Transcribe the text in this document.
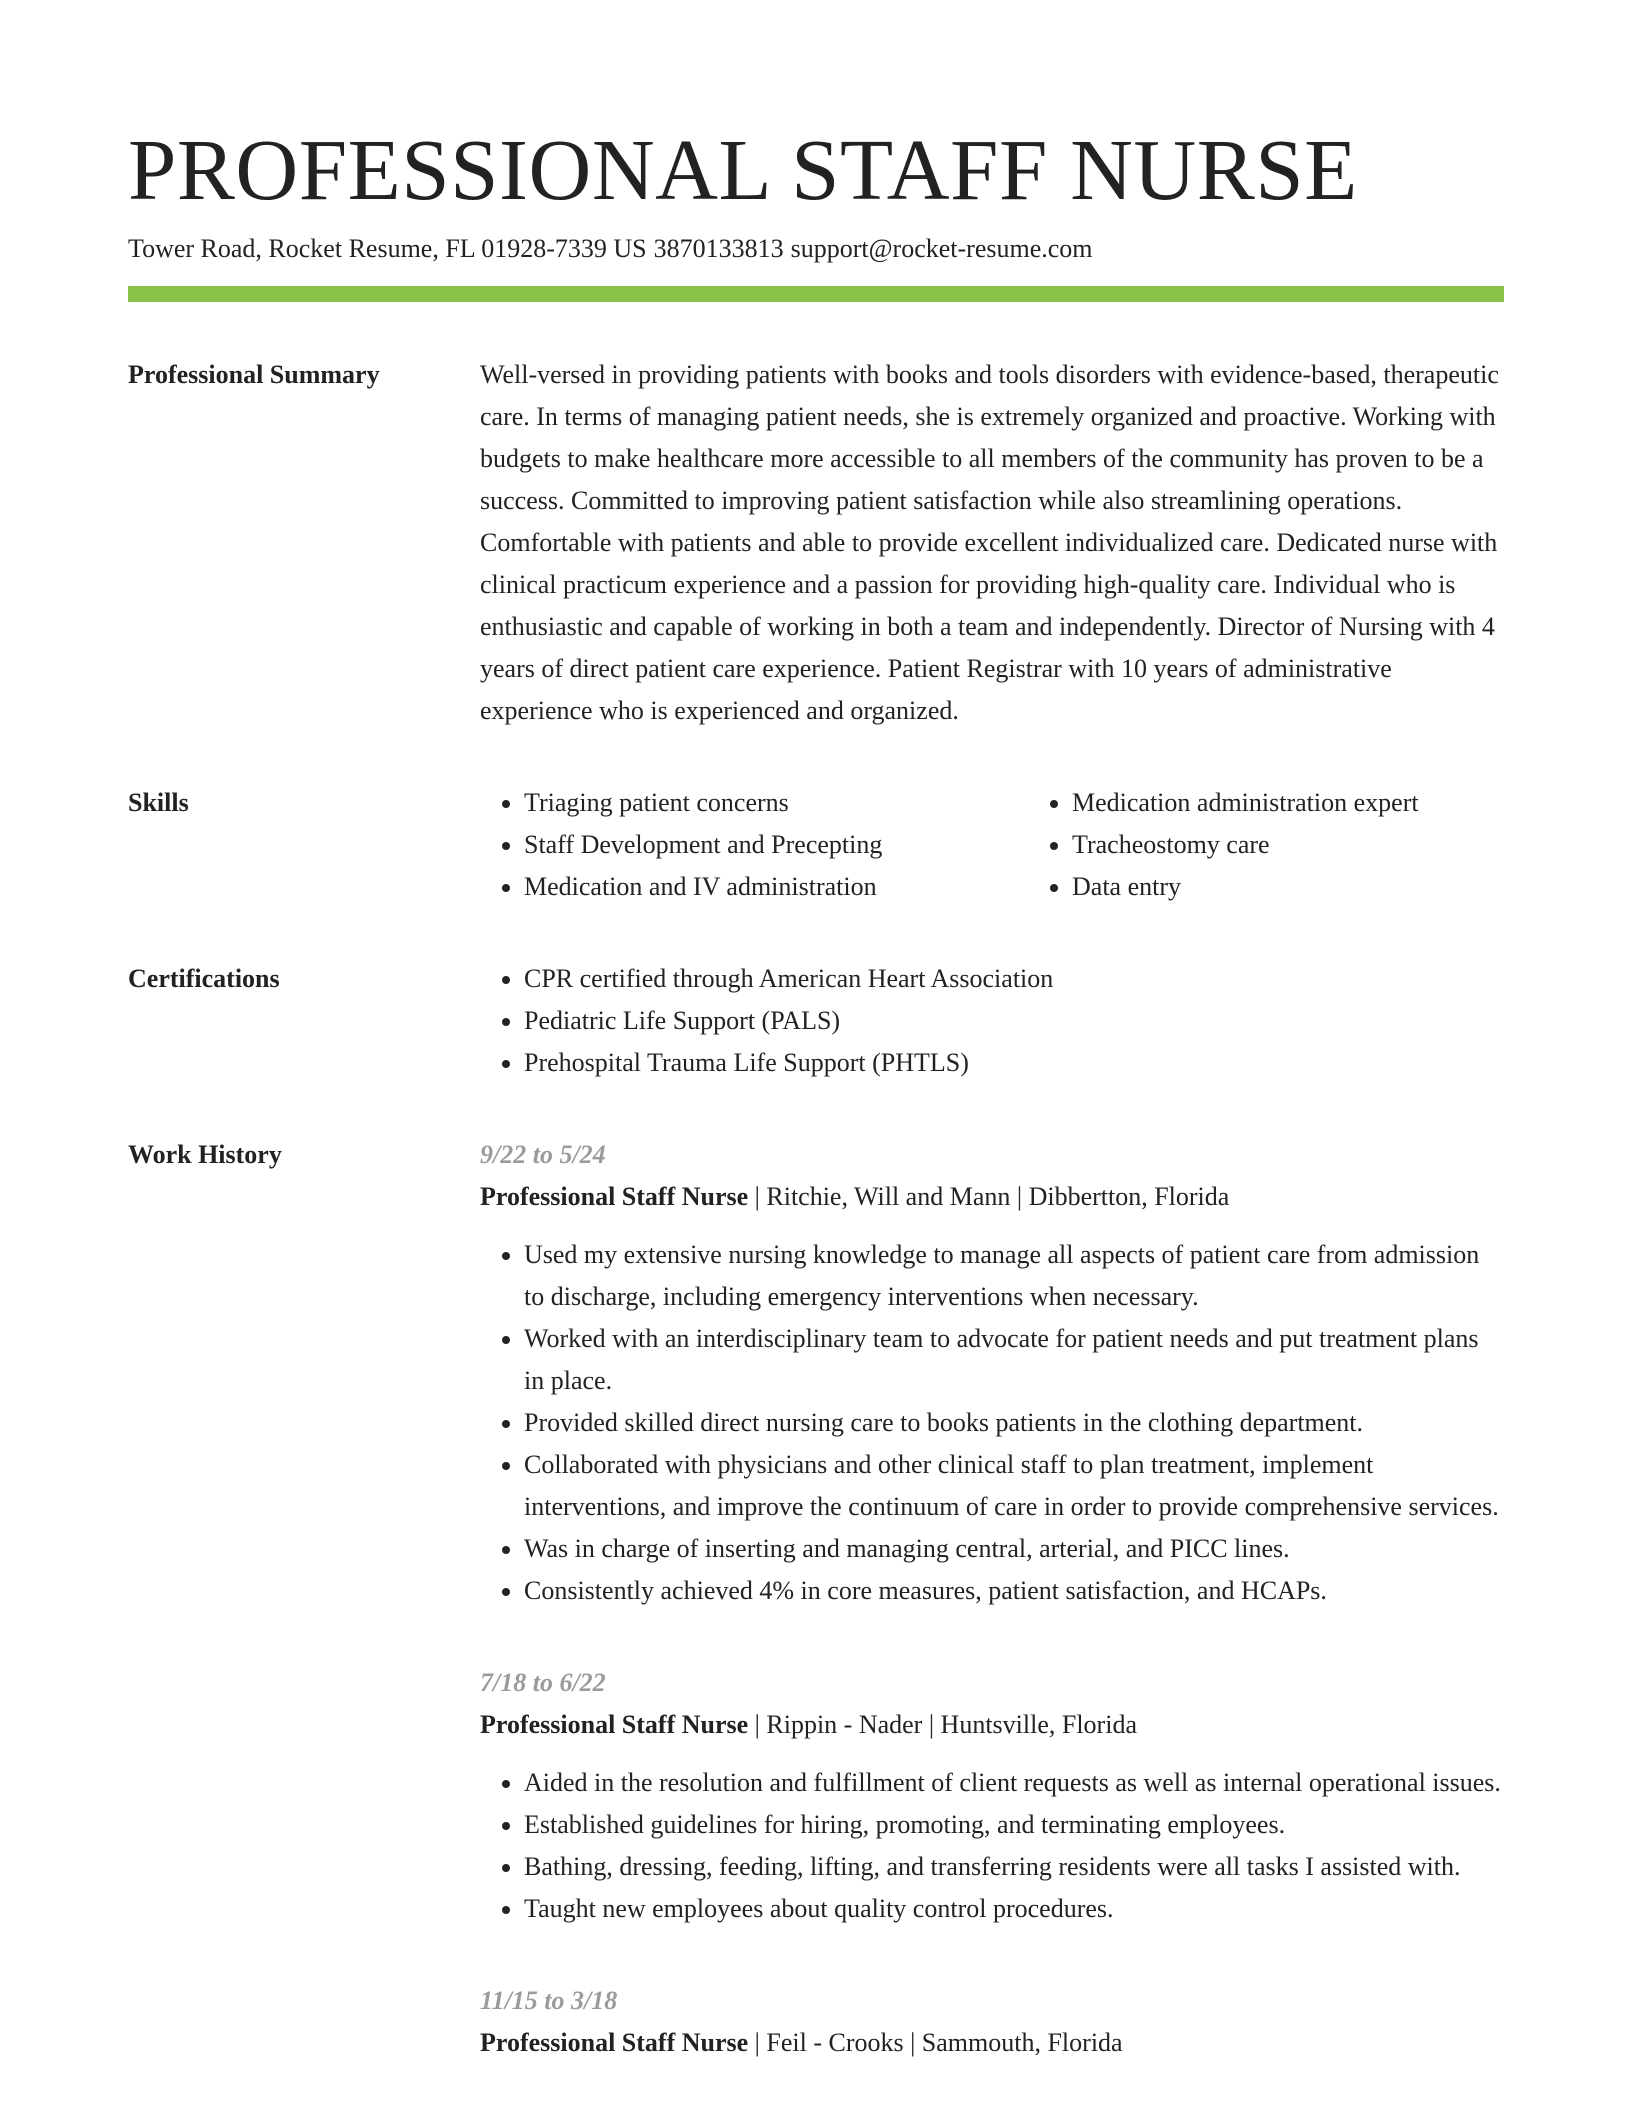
PROFESSIONAL STAFF NURSE
Tower Road, Rocket Resume, FL 01928-7339 US 3870133813 support@rocket-resume.com
Professional Summary	Well-versed in providing patients with books and tools disorders with evidence-based, therapeutic care. In terms of managing patient needs, she is extremely organized and proactive. Working with budgets to make healthcare more accessible to all members of the community has proven to be a success. Committed to improving patient satisfaction while also streamlining operations. Comfortable with patients and able to provide excellent individualized care. Dedicated nurse with clinical practicum experience and a passion for providing high-quality care. Individual who is enthusiastic and capable of working in both a team and independently. Director of Nursing with 4 years of direct patient care experience. Patient Registrar with 10 years of administrative experience who is experienced and organized.

Skills	• Triaging patient concerns
• Staff Development and Precepting
• Medication and IV administration
• Medication administration expert
• Tracheostomy care
• Data entry
Certifications	• CPR certified through American Heart Association
• Pediatric Life Support (PALS)
• Prehospital Trauma Life Support (PHTLS)
Work History	9/22 to 5/24
Professional Staff Nurse | Ritchie, Will and Mann | Dibbertton, Florida
• Used my extensive nursing knowledge to manage all aspects of patient care from admission to discharge, including emergency interventions when necessary.
• Worked with an interdisciplinary team to advocate for patient needs and put treatment plans in place.
• Provided skilled direct nursing care to books patients in the clothing department.
• Collaborated with physicians and other clinical staff to plan treatment, implement interventions, and improve the continuum of care in order to provide comprehensive services.
• Was in charge of inserting and managing central, arterial, and PICC lines.
• Consistently achieved 4% in core measures, patient satisfaction, and HCAPs.
7/18 to 6/22
Professional Staff Nurse | Rippin - Nader | Huntsville, Florida
• Aided in the resolution and fulfillment of client requests as well as internal operational issues.
• Established guidelines for hiring, promoting, and terminating employees.
• Bathing, dressing, feeding, lifting, and transferring residents were all tasks I assisted with.
• Taught new employees about quality control procedures.
11/15 to 3/18
Professional Staff Nurse | Feil - Crooks | Sammouth, Florida
